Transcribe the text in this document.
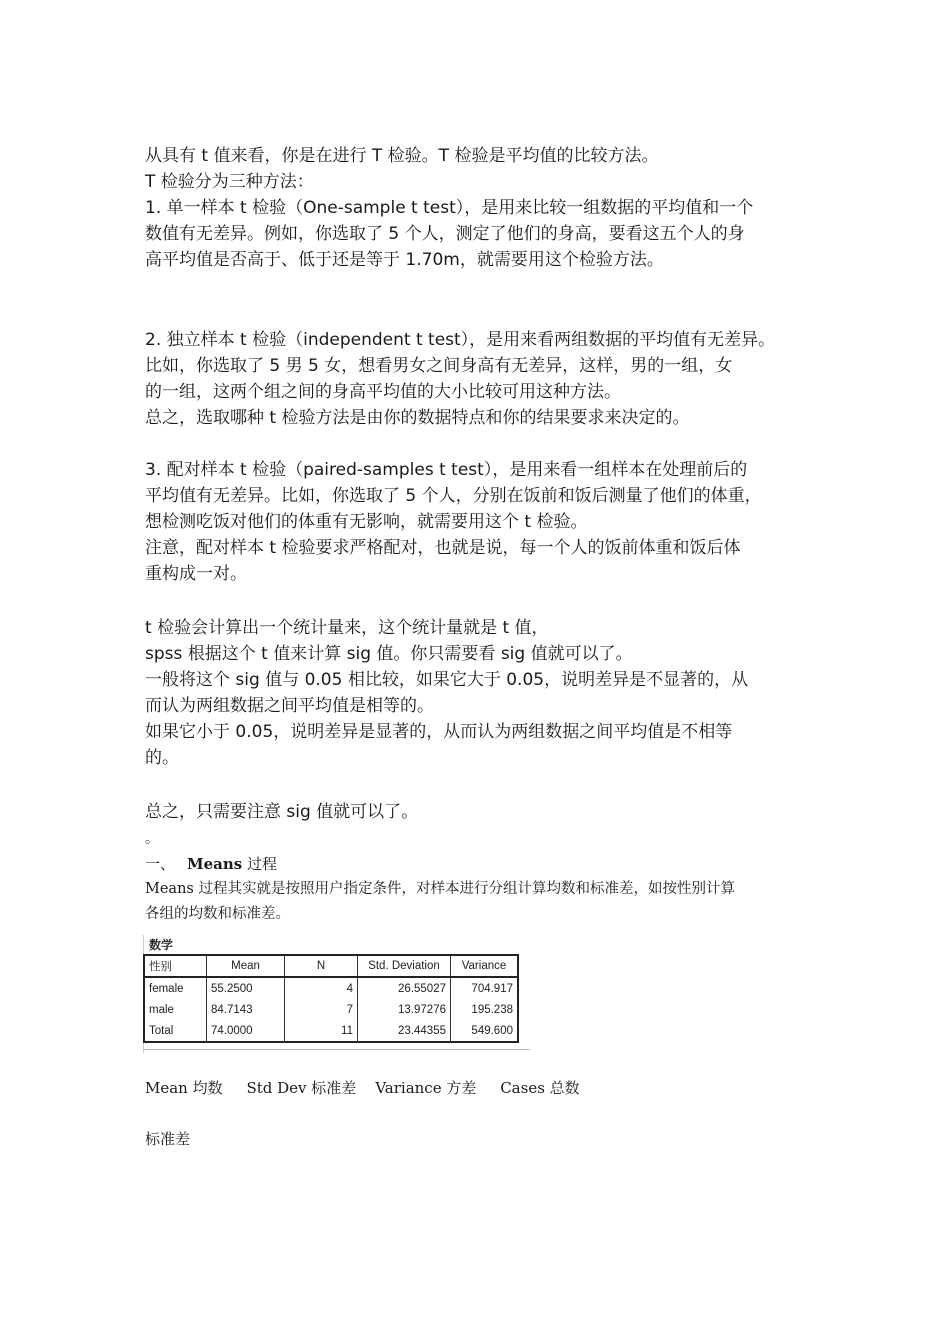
从具有 t 值来看，你是在进行 T 检验。T 检验是平均值的比较方法。

T 检验分为三种方法：

1. 单一样本 t 检验（One-sample t test），是用来比较一组数据的平均值和一个

数值有无差异。例如，你选取了 5 个人，测定了他们的身高，要看这五个人的身

高平均值是否高于、低于还是等于 1.70m，就需要用这个检验方法。

2. 独立样本 t 检验（independent t test），是用来看两组数据的平均值有无差异。

比如，你选取了 5 男 5 女，想看男女之间身高有无差异，这样，男的一组，女

的一组，这两个组之间的身高平均值的大小比较可用这种方法。

总之，选取哪种 t 检验方法是由你的数据特点和你的结果要求来决定的。

3. 配对样本 t 检验（paired-samples t test），是用来看一组样本在处理前后的

平均值有无差异。比如，你选取了 5 个人，分别在饭前和饭后测量了他们的体重，

想检测吃饭对他们的体重有无影响，就需要用这个 t 检验。

注意，配对样本 t 检验要求严格配对，也就是说，每一个人的饭前体重和饭后体

重构成一对。

t 检验会计算出一个统计量来，这个统计量就是 t 值，

spss 根据这个 t 值来计算 sig 值。你只需要看 sig 值就可以了。

一般将这个 sig 值与 0.05 相比较，如果它大于 0.05，说明差异是不显著的，从

而认为两组数据之间平均值是相等的。

如果它小于 0.05，说明差异是显著的，从而认为两组数据之间平均值是不相等

的。

总之，只需要注意 sig 值就可以了。

。

一、 Means 过程

Means 过程其实就是按照用户指定条件，对样本进行分组计算均数和标准差，如按性别计算

各组的均数和标准差。

数学
性别	Mean	N	Std. Deviation	Variance
female	55.2500	4	26.55027	704.917
male	84.7143	7	13.97276	195.238
Total	74.0000	11	23.44355	549.600

Mean 均数     Std Dev 标准差    Variance 方差     Cases 总数

标准差
